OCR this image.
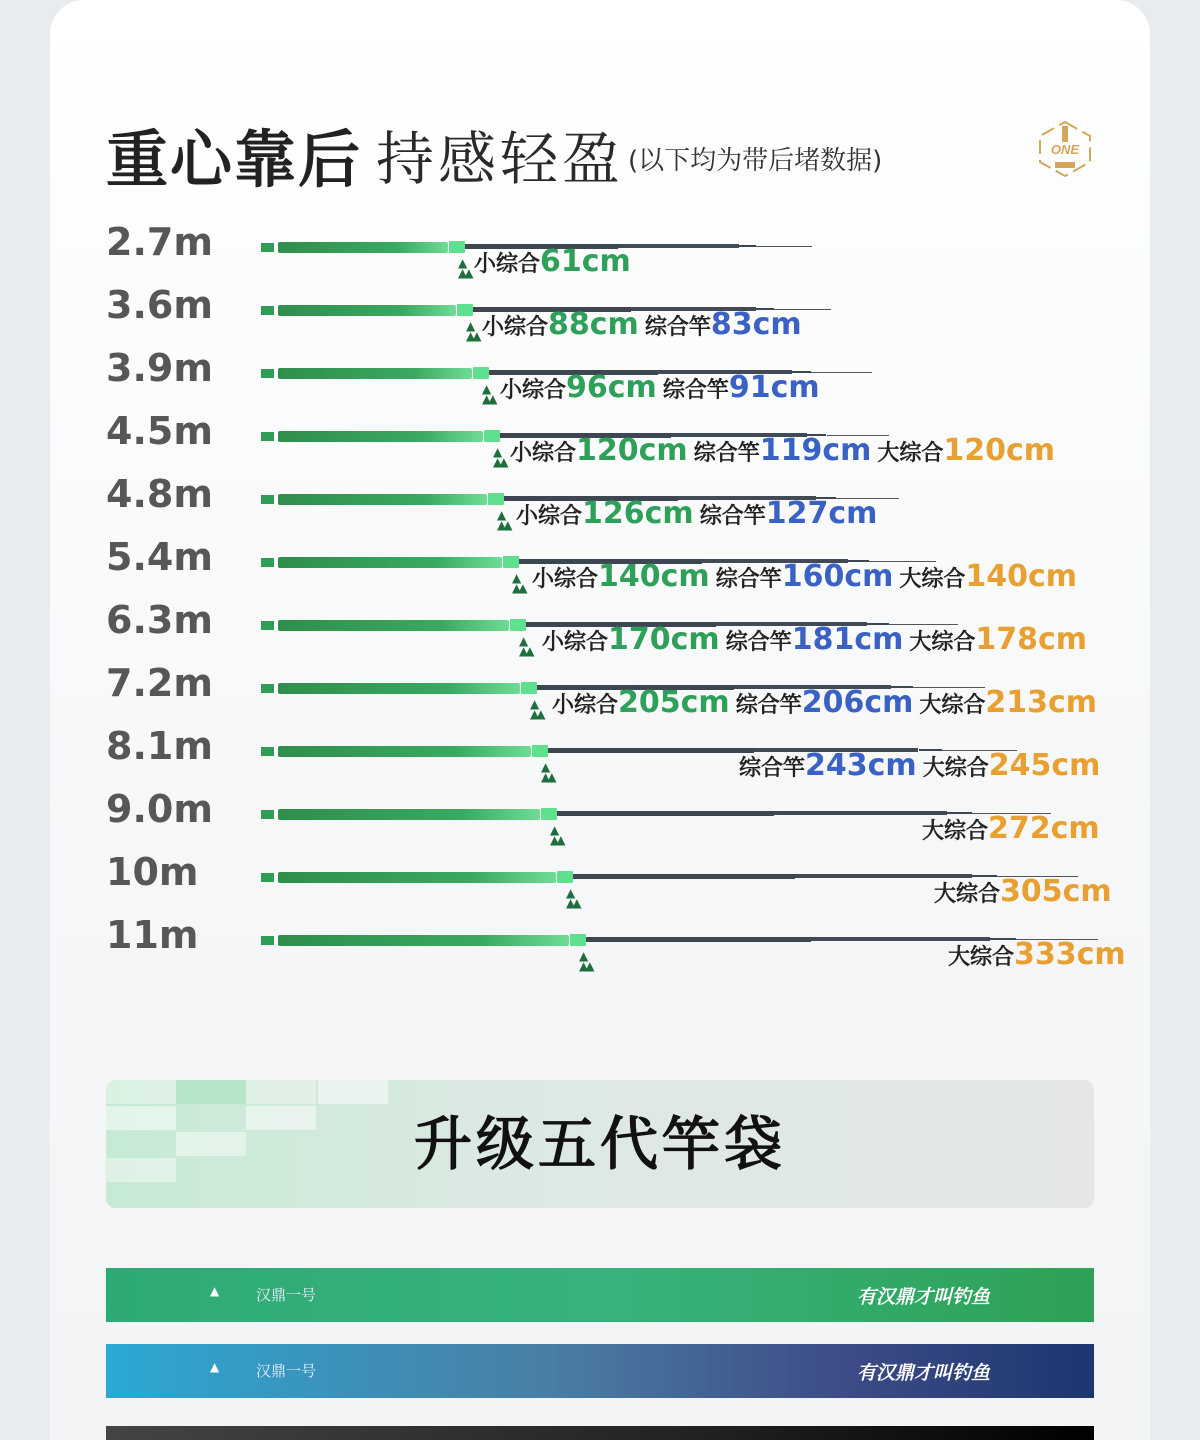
重心靠后 持感轻盈 (以下均为带后堵数据)	ONE
2.7m	▲
▲▲ 小综合61cm
3.6m	▲
▲▲ 小综合88cm 综合竿83cm
3.9m	▲
▲▲ 小综合96cm 综合竿91cm
4.5m	▲
▲▲ 小综合120cm 综合竿119cm 大综合120cm
4.8m	▲
▲▲ 小综合126cm 综合竿127cm
5.4m	▲
▲▲ 小综合140cm 综合竿160cm 大综合140cm
6.3m	▲
▲▲ 小综合170cm 综合竿181cm 大综合178cm
7.2m	▲
▲▲ 小综合205cm 综合竿206cm 大综合213cm
8.1m	▲
▲▲	综合竿243cm 大综合245cm
9.0m	▲
▲▲	大综合272cm
10m	▲
▲▲	大综合305cm
11m	▲
▲▲	大综合333cm
升级五代竿袋
汉鼎一号
▲	有汉鼎才叫钓鱼
汉鼎一号
▲	有汉鼎才叫钓鱼
